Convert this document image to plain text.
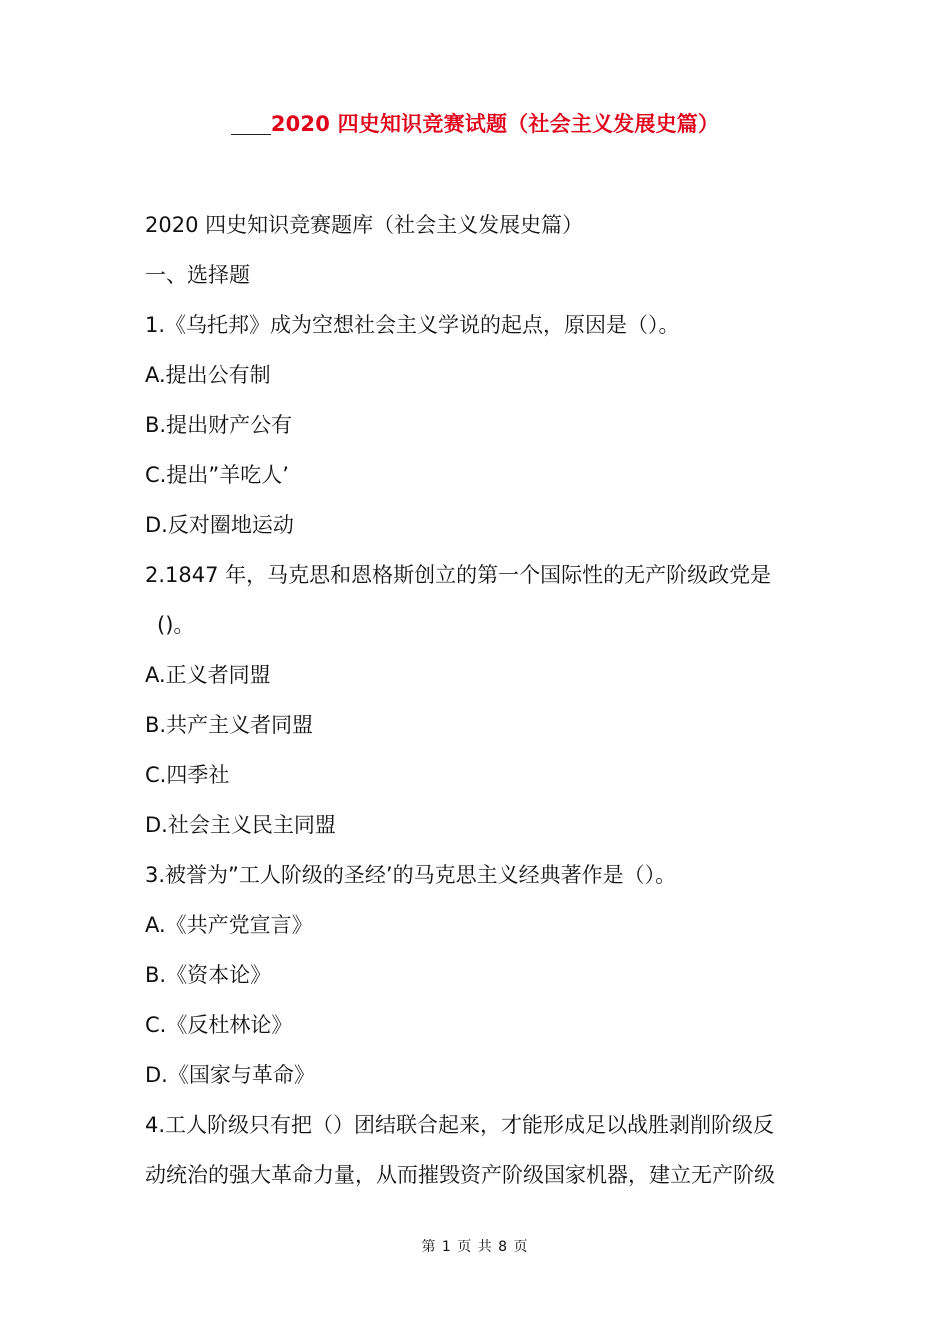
2020 四史知识竞赛试题（社会主义发展史篇）
2020 四史知识竞赛题库（社会主义发展史篇）
一、选择题
1.《乌托邦》成为空想社会主义学说的起点，原因是（）。
A.提出公有制
B.提出财产公有
C.提出”羊吃人’
D.反对圈地运动
2.1847 年，马克思和恩格斯创立的第一个国际性的无产阶级政党是
()。
A.正义者同盟
B.共产主义者同盟
C.四季社
D.社会主义民主同盟
3.被誉为”工人阶级的圣经’的马克思主义经典著作是（）。
A.《共产党宣言》
B.《资本论》
C.《反杜林论》
D.《国家与革命》
4.工人阶级只有把（）团结联合起来，才能形成足以战胜剥削阶级反
动统治的强大革命力量，从而摧毁资产阶级国家机器，建立无产阶级
第 1 页 共 8 页
